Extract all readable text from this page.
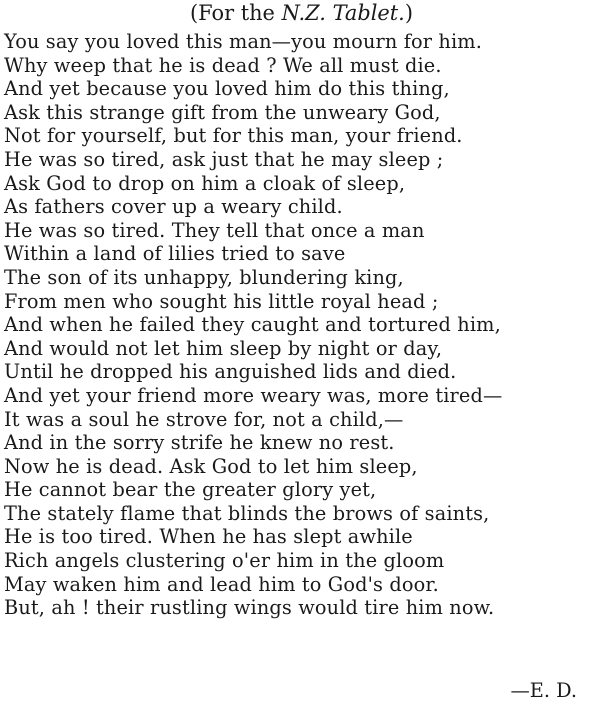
(For the N.Z. Tablet.)
You say you loved this man—you mourn for him.
Why weep that he is dead ? We all must die.
And yet because you loved him do this thing,
Ask this strange gift from the unweary God,
Not for yourself, but for this man, your friend.
He was so tired, ask just that he may sleep ;
Ask God to drop on him a cloak of sleep,
As fathers cover up a weary child.
He was so tired. They tell that once a man
Within a land of lilies tried to save
The son of its unhappy, blundering king,
From men who sought his little royal head ;
And when he failed they caught and tortured him,
And would not let him sleep by night or day,
Until he dropped his anguished lids and died.
And yet your friend more weary was, more tired—
It was a soul he strove for, not a child,—
And in the sorry strife he knew no rest.
Now he is dead. Ask God to let him sleep,
He cannot bear the greater glory yet,
The stately flame that blinds the brows of saints,
He is too tired. When he has slept awhile
Rich angels clustering o'er him in the gloom
May waken him and lead him to God's door.
But, ah ! their rustling wings would tire him now.
—E. D.
